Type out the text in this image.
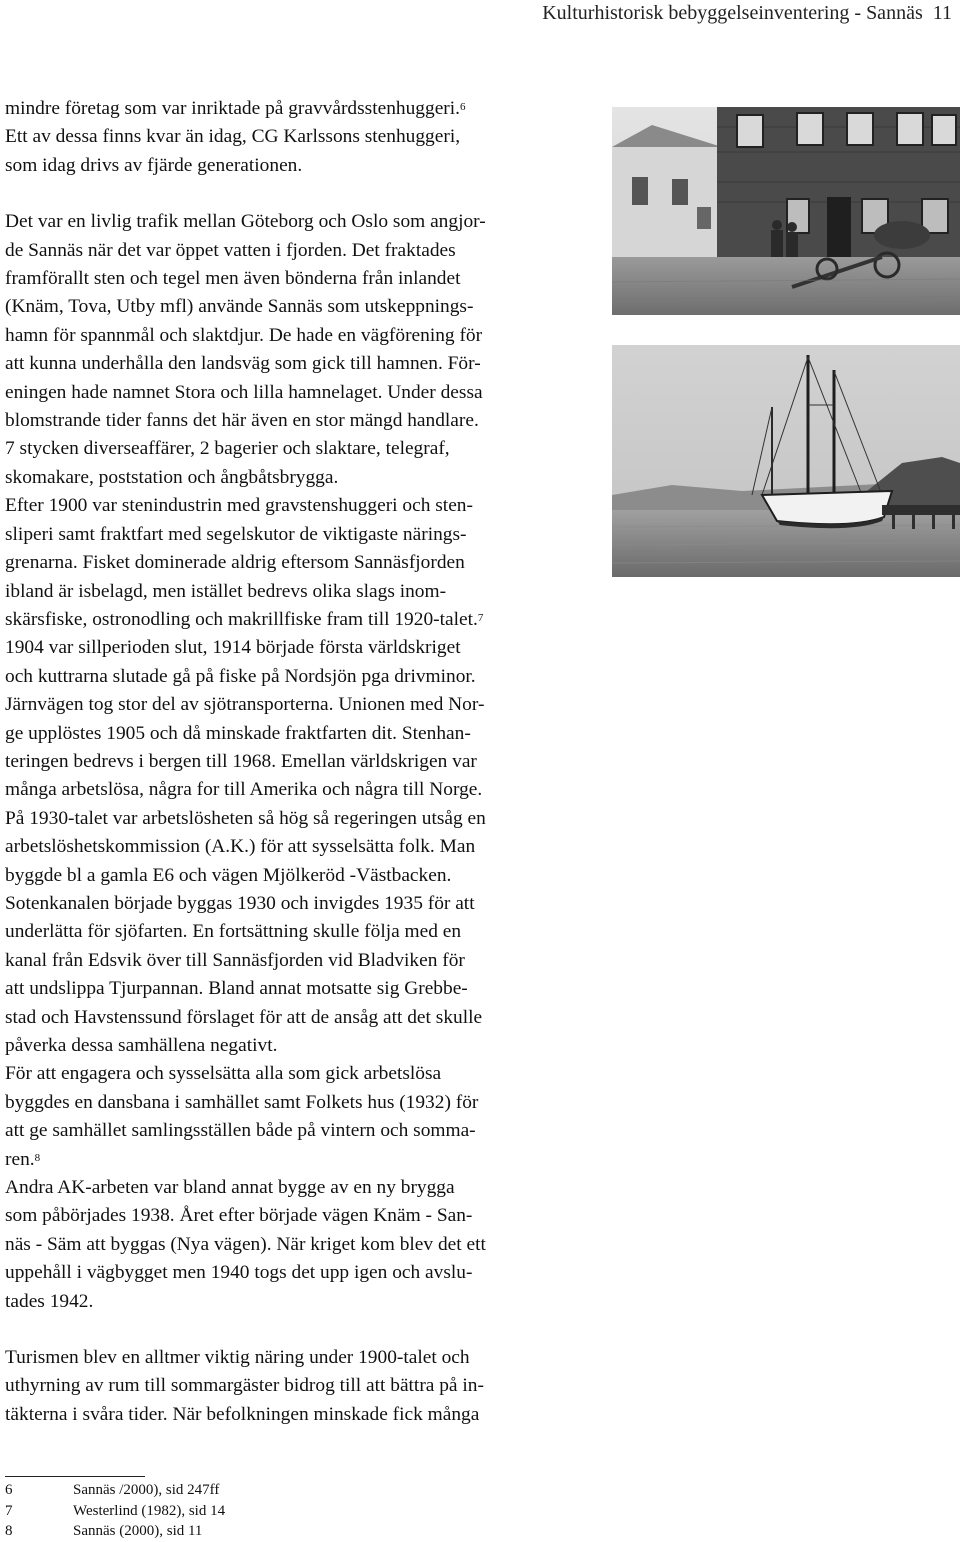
Kulturhistorisk bebyggelseinventering - Sannäs 11

mindre företag som var inriktade på gravvårdsstenhuggeri.$^6$
Ett av dessa finns kvar än idag, CG Karlssons stenhuggeri,
som idag drivs av fjärde generationen.

Det var en livlig trafik mellan Göteborg och Oslo som angjor-
de Sannäs när det var öppet vatten i fjorden. Det fraktades
framförallt sten och tegel men även bönderna från inlandet
(Knäm, Tova, Utby mfl) använde Sannäs som utskeppnings-
hamn för spannmål och slaktdjur. De hade en vägförening för
att kunna underhålla den landsväg som gick till hamnen. För-
eningen hade namnet Stora och lilla hamnelaget. Under dessa
blomstrande tider fanns det här även en stor mängd handlare.
7 stycken diverseaffärer, 2 bagerier och slaktare, telegraf,
skomakare, poststation och ångbåtsbrygga.
Efter 1900 var stenindustrin med gravstenshuggeri och sten-
sliperi samt fraktfart med segelskutor de viktigaste närings-
grenarna. Fisket dominerade aldrig eftersom Sannäsfjorden
ibland är isbelagd, men istället bedrevs olika slags inom-
skärsfiske, ostronodling och makrillfiske fram till 1920-talet.$^7$
1904 var sillperioden slut, 1914 började första världskriget
och kuttrarna slutade gå på fiske på Nordsjön pga drivminor.
Järnvägen tog stor del av sjötransporterna. Unionen med Nor-
ge upplöstes 1905 och då minskade fraktfarten dit. Stenhan-
teringen bedrevs i bergen till 1968. Emellan världskrigen var
många arbetslösa, några for till Amerika och några till Norge.
På 1930-talet var arbetslösheten så hög så regeringen utsåg en
arbetslöshetskommission (A.K.) för att sysselsätta folk. Man
byggde bl a gamla E6 och vägen Mjölkeröd -Västbacken.
Sotenkanalen började byggas 1930 och invigdes 1935 för att
underlätta för sjöfarten. En fortsättning skulle följa med en
kanal från Edsvik över till Sannäsfjorden vid Bladviken för
att undslippa Tjurpannan. Bland annat motsatte sig Grebbe-
stad och Havstenssund förslaget för att de ansåg att det skulle
påverka dessa samhällena negativt.
För att engagera och sysselsätta alla som gick arbetslösa
byggdes en dansbana i samhället samt Folkets hus (1932) för
att ge samhället samlingsställen både på vintern och somma-
ren.$^8$
Andra AK-arbeten var bland annat bygge av en ny brygga
som påbörjades 1938. Året efter började vägen Knäm - San-
näs - Säm att byggas (Nya vägen). När kriget kom blev det ett
uppehåll i vägbygget men 1940 togs det upp igen och avslu-
tades 1942.

Turismen blev en alltmer viktig näring under 1900-talet och
uthyrning av rum till sommargäster bidrog till att bättra på in-
täkterna i svåra tider. När befolkningen minskade fick många

6	Sannäs /2000), sid 247ff
7	Westerlind (1982), sid 14
8	Sannäs (2000), sid 11
